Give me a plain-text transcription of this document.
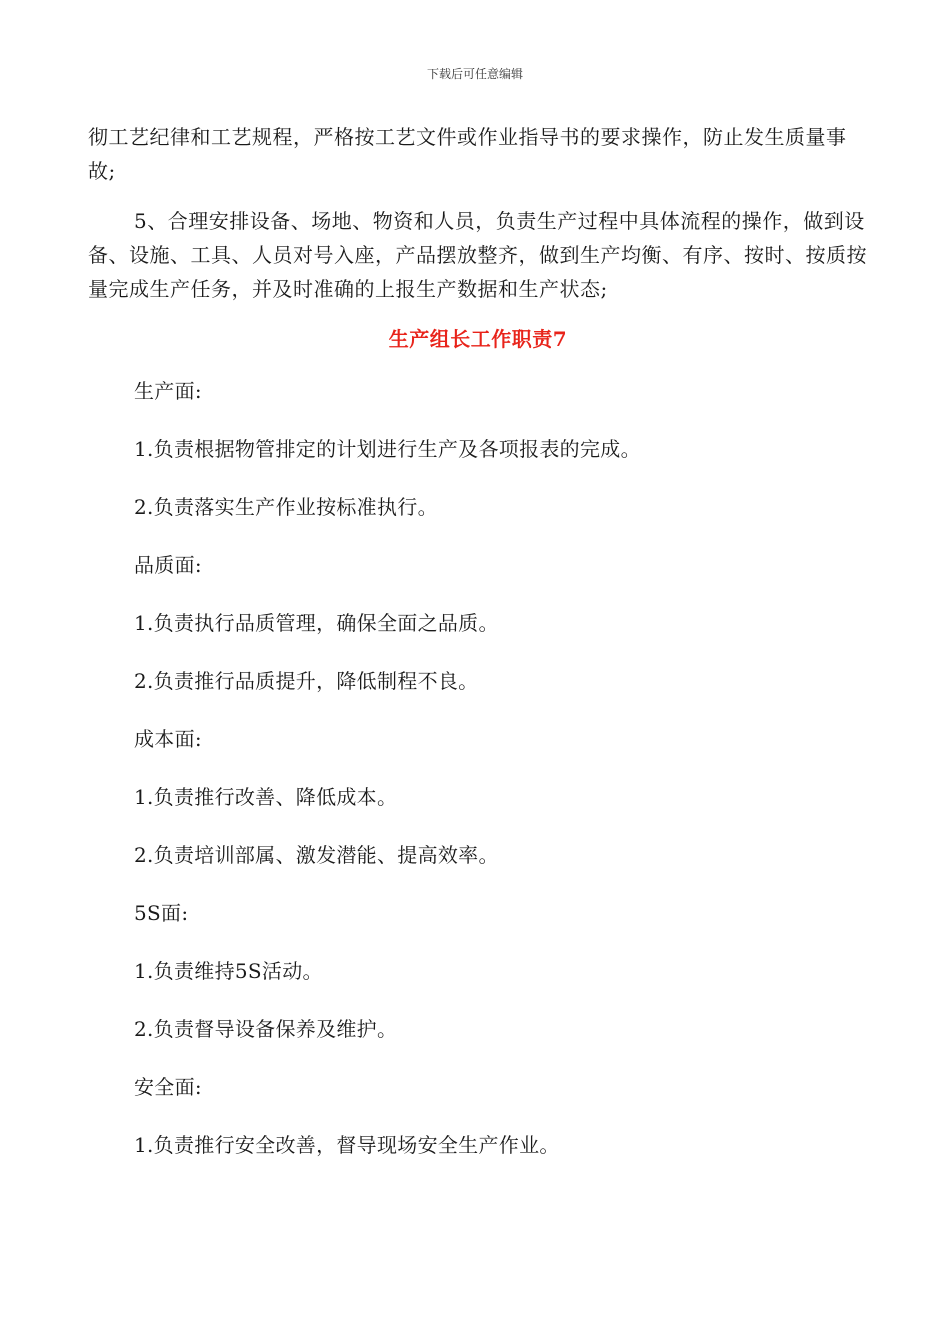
下载后可任意编辑

彻工艺纪律和工艺规程，严格按工艺文件或作业指导书的要求操作，防止发生质量事故;

5、合理安排设备、场地、物资和人员，负责生产过程中具体流程的操作，做到设备、设施、工具、人员对号入座，产品摆放整齐，做到生产均衡、有序、按时、按质按量完成生产任务，并及时准确的上报生产数据和生产状态;

生产组长工作职责7
生产面:
1.负责根据物管排定的计划进行生产及各项报表的完成。
2.负责落实生产作业按标准执行。
品质面:
1.负责执行品质管理，确保全面之品质。
2.负责推行品质提升，降低制程不良。
成本面:
1.负责推行改善、降低成本。
2.负责培训部属、激发潜能、提高效率。
5S面:
1.负责维持5S活动。
2.负责督导设备保养及维护。
安全面:
1.负责推行安全改善，督导现场安全生产作业。
